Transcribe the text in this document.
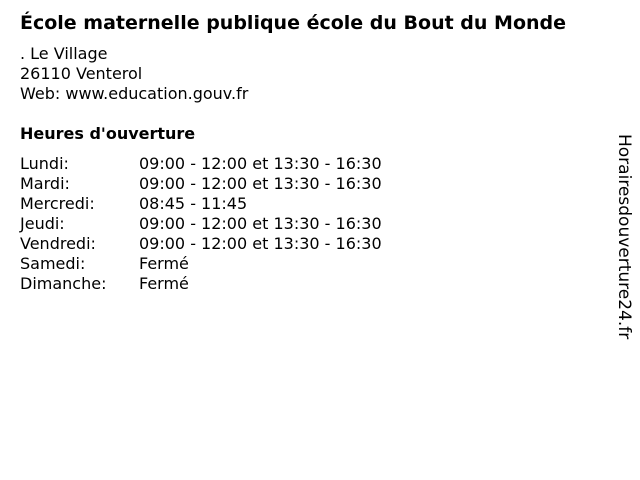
École maternelle publique école du Bout du Monde
. Le Village
26110 Venterol
Web: www.education.gouv.fr
Heures d'ouverture
Lundi:	09:00 - 12:00 et 13:30 - 16:30
Mardi:	09:00 - 12:00 et 13:30 - 16:30
Mercredi:	08:45 - 11:45
Jeudi:	09:00 - 12:00 et 13:30 - 16:30
Vendredi:	09:00 - 12:00 et 13:30 - 16:30
Samedi:	Fermé
Dimanche:	Fermé	Horairesdouverture24.fr
